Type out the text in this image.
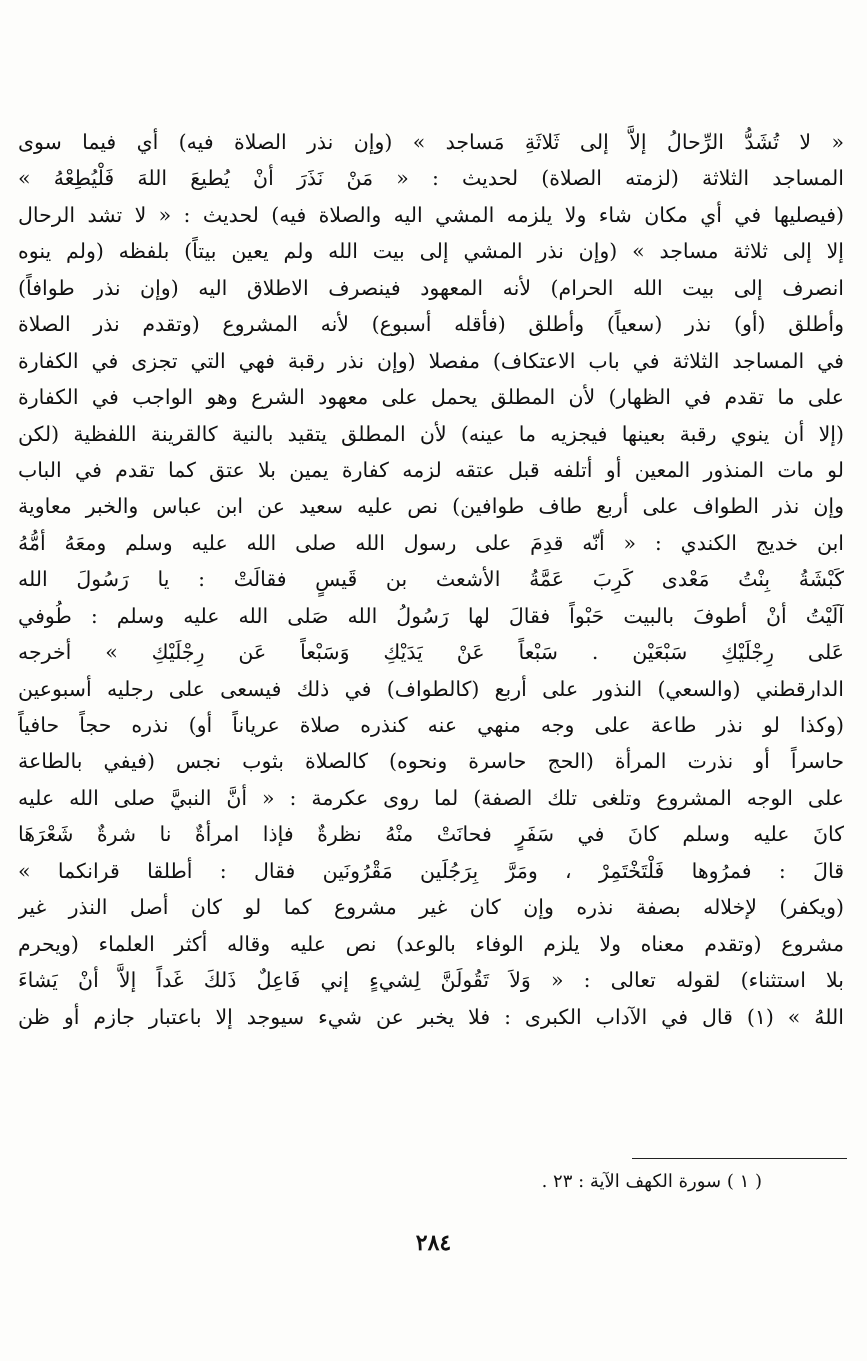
« لا تُشَدُّ الرِّحالُ إلاَّ إلى ثَلاثَةِ مَساجد » (وإن نذر الصلاة فيه) أي فيما سوى
المساجد الثلاثة (لزمته الصلاة) لحديث : « مَنْ نَذَرَ أنْ يُطيعَ اللهَ فَلْيُطِعْهُ »
(فيصليها في أي مكان شاء ولا يلزمه المشي اليه والصلاة فيه) لحديث : « لا تشد الرحال
إلا إلى ثلاثة مساجد » (وإن نذر المشي إلى بيت الله ولم يعين بيتاً) بلفظه (ولم ينوه
انصرف إلى بيت الله الحرام) لأنه المعهود فينصرف الاطلاق اليه (وإن نذر طوافاً)
وأطلق (أو) نذر (سعياً) وأطلق (فأقله أسبوع) لأنه المشروع (وتقدم نذر الصلاة
في المساجد الثلاثة في باب الاعتكاف) مفصلا (وإن نذر رقبة فهي التي تجزى في الكفارة
على ما تقدم في الظهار) لأن المطلق يحمل على معهود الشرع وهو الواجب في الكفارة
(إلا أن ينوي رقبة بعينها فيجزيه ما عينه) لأن المطلق يتقيد بالنية كالقرينة اللفظية (لكن
لو مات المنذور المعين أو أتلفه قبل عتقه لزمه كفارة يمين بلا عتق كما تقدم في الباب
وإن نذر الطواف على أربع طاف طوافين) نص عليه سعيد عن ابن عباس والخبر معاوية
ابن خديج الكندي : « أنّه قدِمَ على رسول الله صلى الله عليه وسلم ومعَهُ أمُّهُ
كَبْشَةُ بِنْتُ مَعْدى كَرِبَ عَمَّةُ الأشعث بن قَيسٍ فقالَتْ : يا رَسُولَ الله
آلَيْتُ أنْ أطوفَ بالبيت حَبْواً فقالَ لها رَسُولُ الله صَلى الله عليه وسلم : طُوفي
عَلى رِجْلَيْكِ سَبْعَيْن . سَبْعاً عَنْ يَدَيْكِ وَسَبْعاً عَن رِجْلَيْكِ » أخرجه
الدارقطني (والسعي) النذور على أربع (كالطواف) في ذلك فيسعى على رجليه أسبوعين
(وكذا لو نذر طاعة على وجه منهي عنه كنذره صلاة عرياناً أو) نذره حجاً حافياً
حاسراً أو نذرت المرأة (الحج حاسرة ونحوه) كالصلاة بثوب نجس (فيفي بالطاعة
على الوجه المشروع وتلغى تلك الصفة) لما روى عكرمة : « أنَّ النبيَّ صلى الله عليه
كانَ عليه وسلم كانَ في سَفَرٍ فحانَتْ منْهُ نظرةٌ فإذا امرأةٌ نا شرةٌ شَعْرَهَا
قالَ : فمرُوها فَلْتَخْتَمِرْ ، ومَرَّ بِرَجُلَين مَقْرُونَين فقال : أطلقا قرانكما »
(ويكفر) لإخلاله بصفة نذره وإن كان غير مشروع كما لو كان أصل النذر غير
مشروع (وتقدم معناه ولا يلزم الوفاء بالوعد) نص عليه وقاله أكثر العلماء (ويحرم
بلا استثناء) لقوله تعالى : « وَلاَ تَقُولَنَّ لِشيءٍ إني فَاعِلٌ ذَلكَ غَداً إلاَّ أنْ يَشاءَ
اللهُ » (١) قال في الآداب الكبرى : فلا يخبر عن شيء سيوجد إلا باعتبار جازم أو ظن
( ١ ) سورة الكهف الآية : ٢٣ .
٢٨٤
